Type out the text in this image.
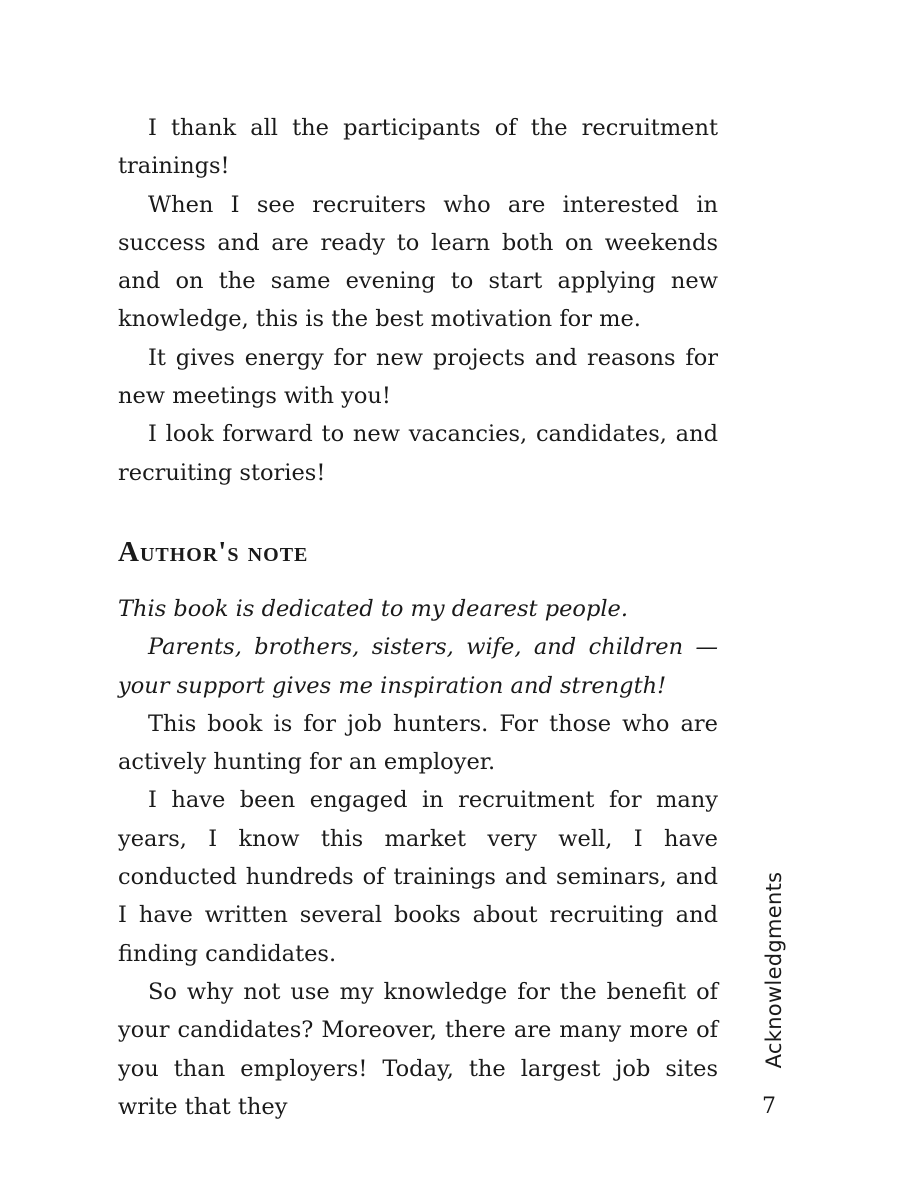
I thank all the participants of the recruitment trainings!

When I see recruiters who are interested in success and are ready to learn both on weekends and on the same evening to start applying new knowledge, this is the best motivation for me.

It gives energy for new projects and reasons for new meetings with you!

I look forward to new vacancies, candidates, and recruiting stories!

Author's note

This book is dedicated to my dearest people.

Parents, brothers, sisters, wife, and children — your support gives me inspiration and strength!

This book is for job hunters. For those who are actively hunting for an employer.

I have been engaged in recruitment for many years, I know this market very well, I have conducted hundreds of trainings and seminars, and I have written several books about recruiting and finding candidates.

So why not use my knowledge for the benefit of your candidates? Moreover, there are many more of you than employers! Today, the largest job sites write that they

Acknowledgments
7
